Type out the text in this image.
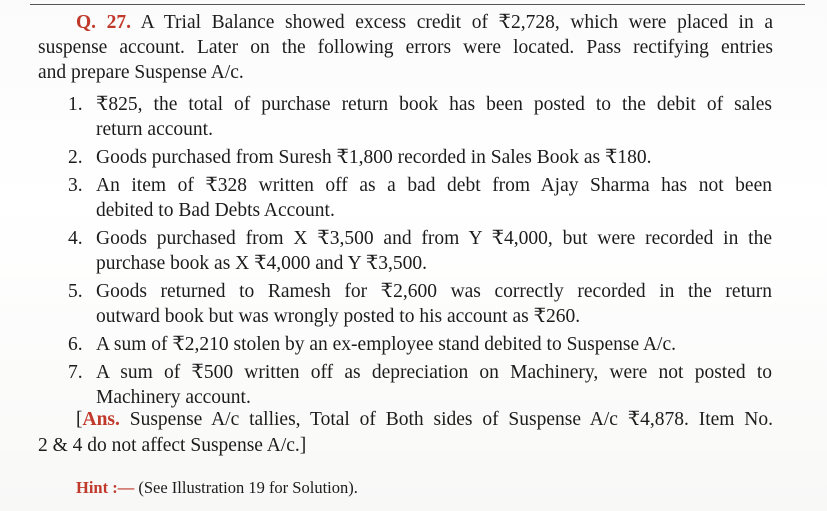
Q. 27. A Trial Balance showed excess credit of ₹2,728, which were placed in a
suspense account. Later on the following errors were located. Pass rectifying entries
and prepare Suspense A/c.
1. ₹825, the total of purchase return book has been posted to the debit of sales
return account.
2. Goods purchased from Suresh ₹1,800 recorded in Sales Book as ₹180.
3. An item of ₹328 written off as a bad debt from Ajay Sharma has not been
debited to Bad Debts Account.
4. Goods purchased from X ₹3,500 and from Y ₹4,000, but were recorded in the
purchase book as X ₹4,000 and Y ₹3,500.
5. Goods returned to Ramesh for ₹2,600 was correctly recorded in the return
outward book but was wrongly posted to his account as ₹260.
6. A sum of ₹2,210 stolen by an ex-employee stand debited to Suspense A/c.
7. A sum of ₹500 written off as depreciation on Machinery, were not posted to
Machinery account.
[Ans. Suspense A/c tallies, Total of Both sides of Suspense A/c ₹4,878. Item No.
2 & 4 do not affect Suspense A/c.]
Hint :— (See Illustration 19 for Solution).
